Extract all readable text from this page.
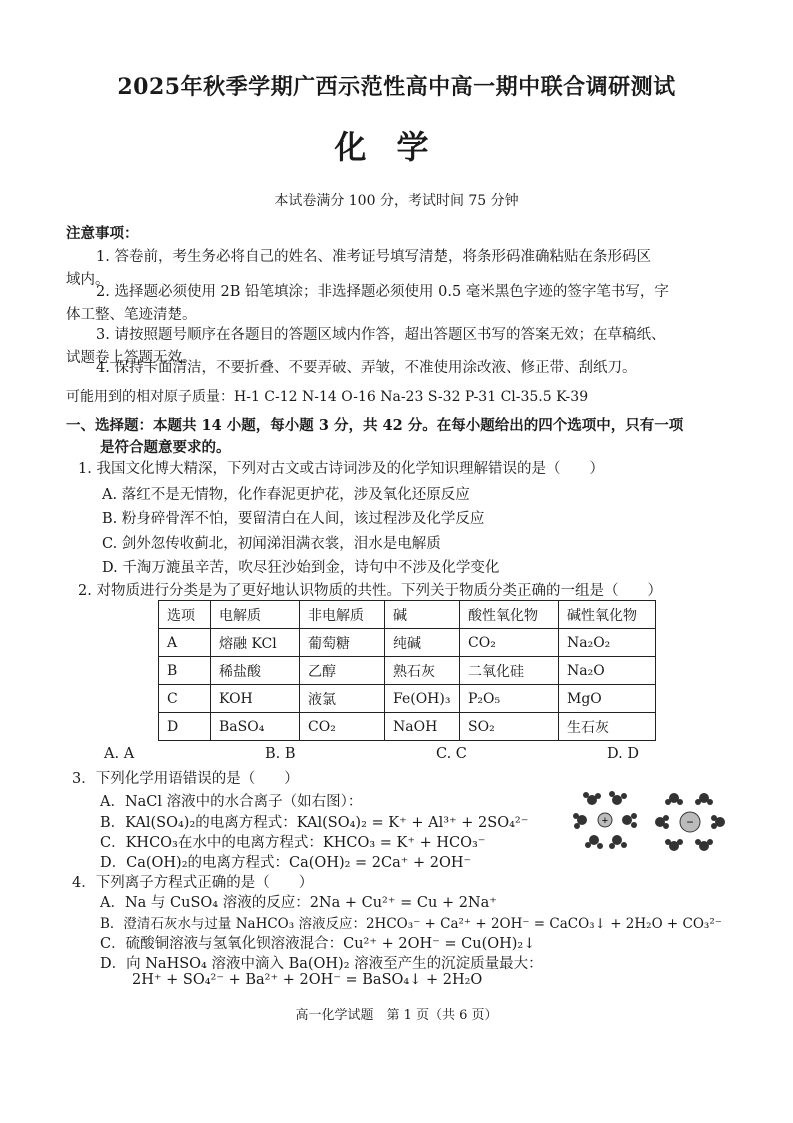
2025年秋季学期广西示范性高中高一期中联合调研测试
化学
本试卷满分 100 分，考试时间 75 分钟
注意事项：
1. 答卷前，考生务必将自己的姓名、准考证号填写清楚，将条形码准确粘贴在条形码区
域内。
2. 选择题必须使用 2B 铅笔填涂；非选择题必须使用 0.5 毫米黑色字迹的签字笔书写，字
体工整、笔迹清楚。
3. 请按照题号顺序在各题目的答题区域内作答，超出答题区书写的答案无效；在草稿纸、
试题卷上答题无效。
4. 保持卡面清洁，不要折叠、不要弄破、弄皱，不准使用涂改液、修正带、刮纸刀。
可能用到的相对原子质量：H-1 C-12 N-14 O-16 Na-23 S-32 P-31 Cl-35.5 K-39
一、选择题：本题共 14 小题，每小题 3 分，共 42 分。在每小题给出的四个选项中，只有一项
是符合题意要求的。
1. 我国文化博大精深，下列对古文或古诗词涉及的化学知识理解错误的是（　　）
A. 落红不是无情物，化作春泥更护花，涉及氧化还原反应
B. 粉身碎骨浑不怕，要留清白在人间，该过程涉及化学反应
C. 剑外忽传收蓟北，初闻涕泪满衣裳，泪水是电解质
D. 千淘万漉虽辛苦，吹尽狂沙始到金，诗句中不涉及化学变化
2. 对物质进行分类是为了更好地认识物质的共性。下列关于物质分类正确的一组是（　　）
选项	电解质	非电解质	碱	酸性氧化物	碱性氧化物
A	熔融 KCl	葡萄糖	纯碱	CO₂	Na₂O₂
B	稀盐酸	乙醇	熟石灰	二氧化硅	Na₂O
C	KOH	液氯	Fe(OH)₃	P₂O₅	MgO
D	BaSO₄	CO₂	NaOH	SO₂	生石灰
A. A	B. B	C. C	D. D
3．下列化学用语错误的是（　　）
A．NaCl 溶液中的水合离子（如右图）：
B．KAl(SO₄)₂的电离方程式：KAl(SO₄)₂ = K⁺ + Al³⁺ + 2SO₄²⁻
C．KHCO₃在水中的电离方程式：KHCO₃ = K⁺ + HCO₃⁻
D．Ca(OH)₂的电离方程式：Ca(OH)₂ = 2Ca⁺ + 2OH⁻
+	−
4．下列离子方程式正确的是（　　）
A．Na 与 CuSO₄ 溶液的反应：2Na + Cu²⁺ = Cu + 2Na⁺
B．澄清石灰水与过量 NaHCO₃ 溶液反应：2HCO₃⁻ + Ca²⁺ + 2OH⁻ = CaCO₃↓ + 2H₂O + CO₃²⁻
C．硫酸铜溶液与氢氧化钡溶液混合：Cu²⁺ + 2OH⁻ = Cu(OH)₂↓
D．向 NaHSO₄ 溶液中滴入 Ba(OH)₂ 溶液至产生的沉淀质量最大：
2H⁺ + SO₄²⁻ + Ba²⁺ + 2OH⁻ = BaSO₄↓ + 2H₂O
高一化学试题　第 1 页（共 6 页）
